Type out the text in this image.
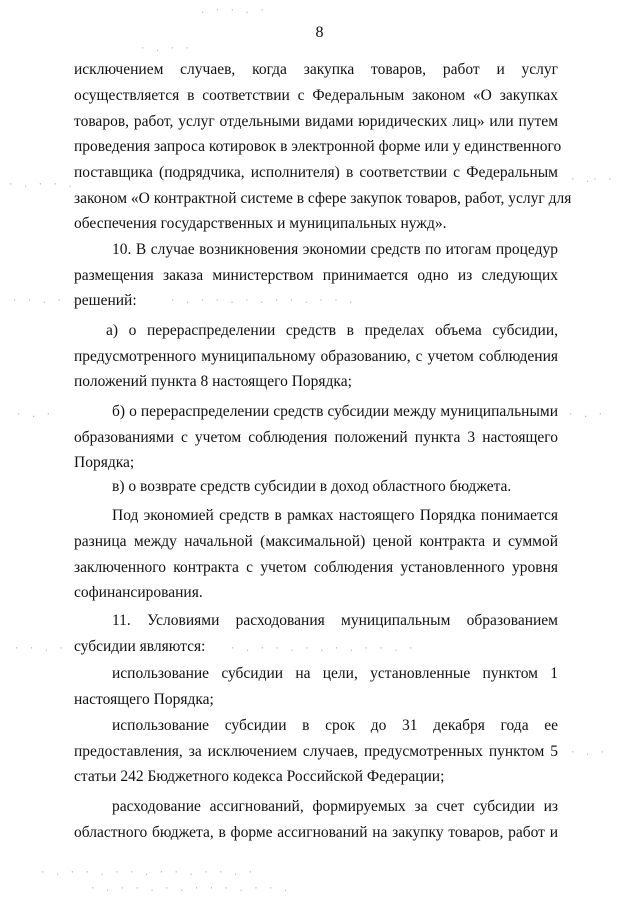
8
исключением случаев, когда закупка товаров, работ и услуг
осуществляется в соответствии с Федеральным законом «О закупках
товаров, работ, услуг отдельными видами юридических лиц» или путем
проведения запроса котировок в электронной форме или у единственного
поставщика (подрядчика, исполнителя) в соответствии с Федеральным
законом «О контрактной системе в сфере закупок товаров, работ, услуг для
обеспечения государственных и муниципальных нужд».
10. В случае возникновения экономии средств по итогам процедур
размещения заказа министерством принимается одно из следующих
решений:
а) о перераспределении средств в пределах объема субсидии,
предусмотренного муниципальному образованию, с учетом соблюдения
положений пункта 8 настоящего Порядка;
б) о перераспределении средств субсидии между муниципальными
образованиями с учетом соблюдения положений пункта 3 настоящего
Порядка;
в) о возврате средств субсидии в доход областного бюджета.
Под экономией средств в рамках настоящего Порядка понимается
разница между начальной (максимальной) ценой контракта и суммой
заключенного контракта с учетом соблюдения установленного уровня
софинансирования.
11. Условиями расходования муниципальным образованием
субсидии являются:
использование субсидии на цели, установленные пунктом 1
настоящего Порядка;
использование субсидии в срок до 31 декабря года ее
предоставления, за исключением случаев, предусмотренных пунктом 5
статьи 242 Бюджетного кодекса Российской Федерации;
расходование ассигнований, формируемых за счет субсидии из
областного бюджета, в форме ассигнований на закупку товаров, работ и
. · · . ·
· . · ·
· . · · .	· .· ·
· · . · .	· . · · . · . · · . · · .
· . ·	· . ·
· · . ·	· . · · . · . · . · · . ·
· . ·
· . · · . · · . · · . · · . ·
· . · · . · . · · · . · · .
